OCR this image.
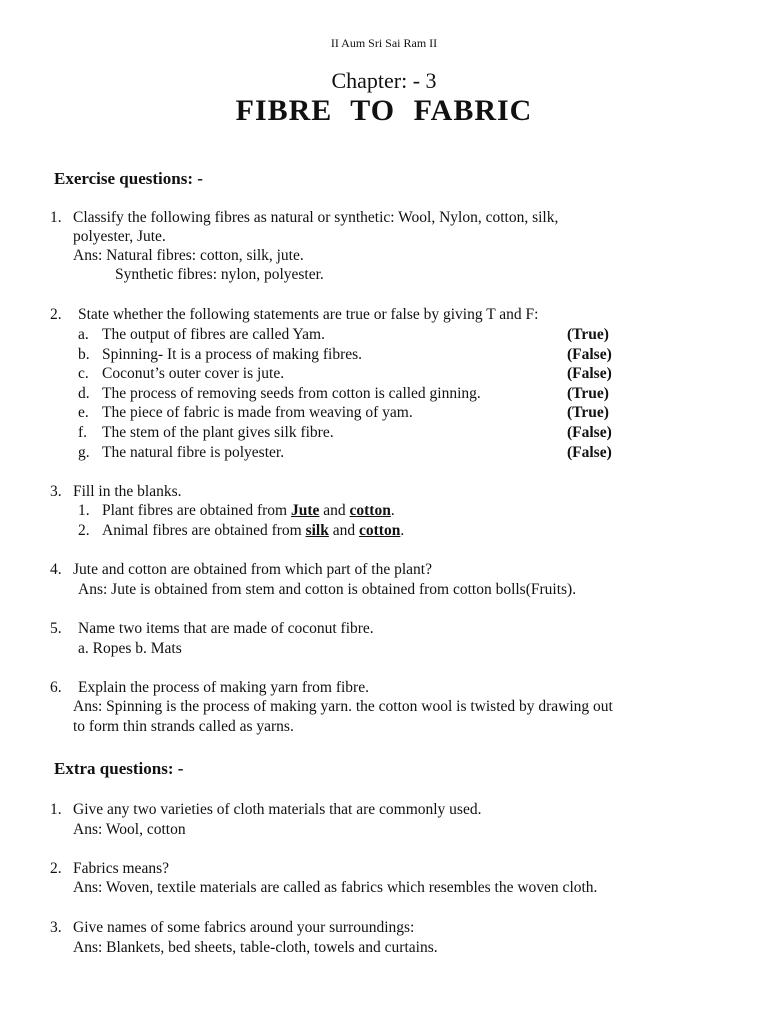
II Aum Sri Sai Ram II
Chapter: - 3
FIBRE TO FABRIC
Exercise questions: -
1. Classify the following fibres as natural or synthetic: Wool, Nylon, cotton, silk,
polyester, Jute.
Ans: Natural fibres: cotton, silk, jute.
Synthetic fibres: nylon, polyester.
2. State whether the following statements are true or false by giving T and F:
a. The output of fibres are called Yam.	(True)
b. Spinning- It is a process of making fibres.	(False)
c. Coconut’s outer cover is jute.	(False)
d. The process of removing seeds from cotton is called ginning.	(True)
e. The piece of fabric is made from weaving of yam.	(True)
f. The stem of the plant gives silk fibre.	(False)
g. The natural fibre is polyester.	(False)
3. Fill in the blanks.
1. Plant fibres are obtained from Jute and cotton.
2. Animal fibres are obtained from silk and cotton.
4. Jute and cotton are obtained from which part of the plant?
Ans: Jute is obtained from stem and cotton is obtained from cotton bolls(Fruits).
5. Name two items that are made of coconut fibre.
a. Ropes b. Mats
6. Explain the process of making yarn from fibre.
Ans: Spinning is the process of making yarn. the cotton wool is twisted by drawing out
to form thin strands called as yarns.
Extra questions: -
1. Give any two varieties of cloth materials that are commonly used.
Ans: Wool, cotton
2. Fabrics means?
Ans: Woven, textile materials are called as fabrics which resembles the woven cloth.
3. Give names of some fabrics around your surroundings:
Ans: Blankets, bed sheets, table-cloth, towels and curtains.
